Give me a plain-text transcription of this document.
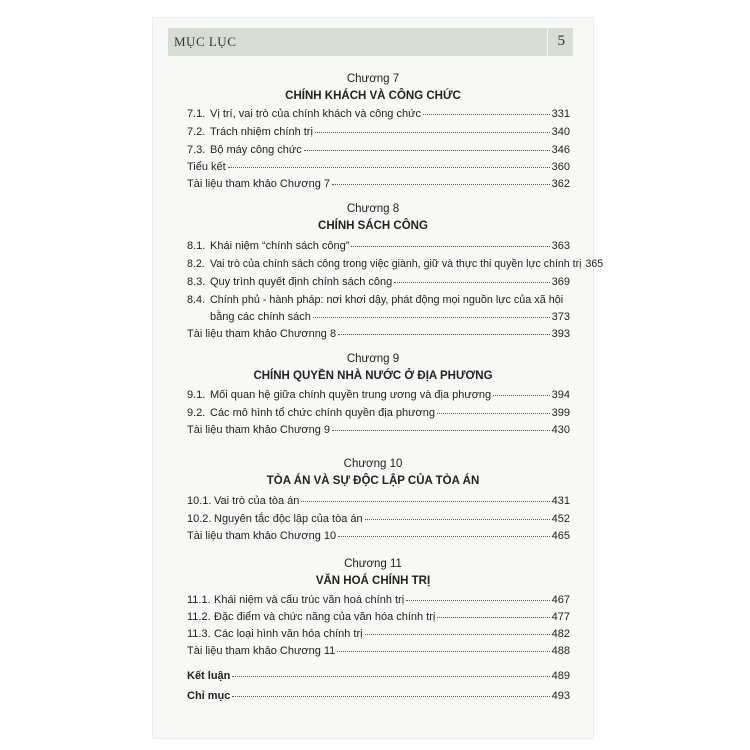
MỤC LỤC	5
Chương 7
CHÍNH KHÁCH VÀ CÔNG CHỨC
7.1. Vị trí, vai trò của chính khách và công chức	331
7.2. Trách nhiệm chính trị	340
7.3. Bộ máy công chức	346
Tiểu kết	360
Tài liệu tham khảo Chương 7	362
Chương 8
CHÍNH SÁCH CÔNG
8.1. Khái niệm “chính sách công”	363
8.2. Vai trò của chính sách công trong việc giành, giữ và thực thi quyền lực chính trị 365
8.3. Quy trình quyết định chính sách công	369
8.4. Chính phủ - hành pháp: nơi khơi dậy, phát động mọi nguồn lực của xã hội
bằng các chính sách	373
Tài liệu tham khảo Chươnng 8	393
Chương 9
CHÍNH QUYỀN NHÀ NƯỚC Ở ĐỊA PHƯƠNG
9.1. Mối quan hệ giữa chính quyền trung ương và địa phương	394
9.2. Các mô hình tổ chức chính quyền địa phương	399
Tài liệu tham khảo Chương 9	430
Chương 10
TÒA ÁN VÀ SỰ ĐỘC LẬP CỦA TÒA ÁN
10.1. Vai trò của tòa án	431
10.2. Nguyên tắc độc lập của tòa án	452
Tài liệu tham khảo Chương 10	465
Chương 11
VĂN HOÁ CHÍNH TRỊ
11.1. Khái niệm và cấu trúc văn hoá chính trị	467
11.2. Đặc điểm và chức năng của văn hóa chính trị	477
11.3. Các loại hình văn hóa chính trị	482
Tài liệu tham khảo Chương 11	488
Kết luận	489
Chỉ mục	493
